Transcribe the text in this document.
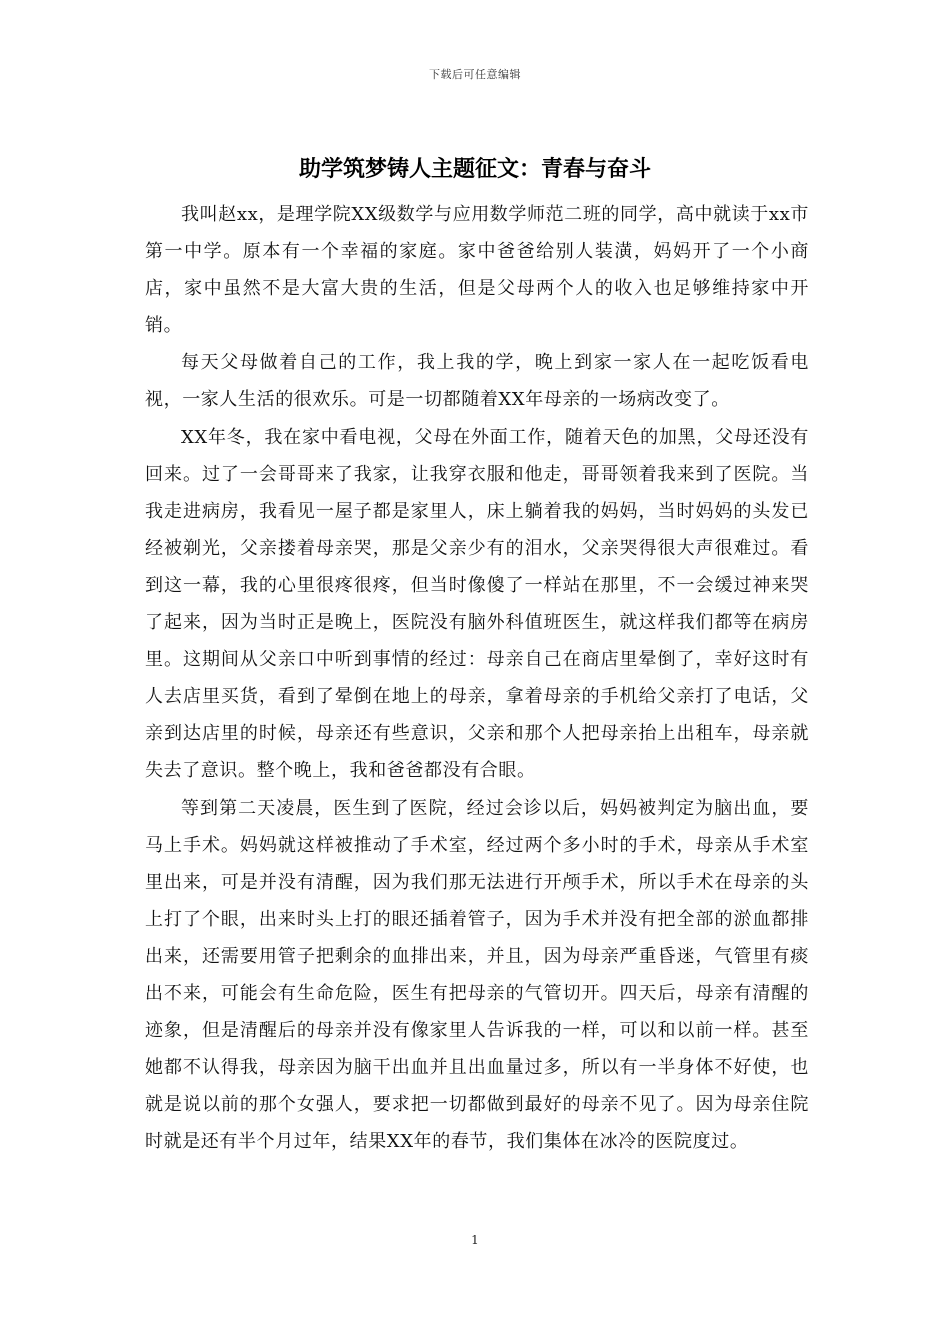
下载后可任意编辑
助学筑梦铸人主题征文：青春与奋斗

我叫赵xx，是理学院XX级数学与应用数学师范二班的同学，高中就读于xx市第一中学。原本有一个幸福的家庭。家中爸爸给别人装潢，妈妈开了一个小商店，家中虽然不是大富大贵的生活，但是父母两个人的收入也足够维持家中开销。

每天父母做着自己的工作，我上我的学，晚上到家一家人在一起吃饭看电视，一家人生活的很欢乐。可是一切都随着XX年母亲的一场病改变了。

XX年冬，我在家中看电视，父母在外面工作，随着天色的加黑，父母还没有回来。过了一会哥哥来了我家，让我穿衣服和他走，哥哥领着我来到了医院。当我走进病房，我看见一屋子都是家里人，床上躺着我的妈妈，当时妈妈的头发已经被剃光，父亲搂着母亲哭，那是父亲少有的泪水，父亲哭得很大声很难过。看到这一幕，我的心里很疼很疼，但当时像傻了一样站在那里，不一会缓过神来哭了起来，因为当时正是晚上，医院没有脑外科值班医生，就这样我们都等在病房里。这期间从父亲口中听到事情的经过：母亲自己在商店里晕倒了，幸好这时有人去店里买货，看到了晕倒在地上的母亲，拿着母亲的手机给父亲打了电话，父亲到达店里的时候，母亲还有些意识，父亲和那个人把母亲抬上出租车，母亲就失去了意识。整个晚上，我和爸爸都没有合眼。

等到第二天凌晨，医生到了医院，经过会诊以后，妈妈被判定为脑出血，要马上手术。妈妈就这样被推动了手术室，经过两个多小时的手术，母亲从手术室里出来，可是并没有清醒，因为我们那无法进行开颅手术，所以手术在母亲的头上打了个眼，出来时头上打的眼还插着管子，因为手术并没有把全部的淤血都排出来，还需要用管子把剩余的血排出来，并且，因为母亲严重昏迷，气管里有痰出不来，可能会有生命危险，医生有把母亲的气管切开。四天后，母亲有清醒的迹象，但是清醒后的母亲并没有像家里人告诉我的一样，可以和以前一样。甚至她都不认得我，母亲因为脑干出血并且出血量过多，所以有一半身体不好使，也就是说以前的那个女强人，要求把一切都做到最好的母亲不见了。因为母亲住院时就是还有半个月过年，结果XX年的春节，我们集体在冰冷的医院度过。

1
